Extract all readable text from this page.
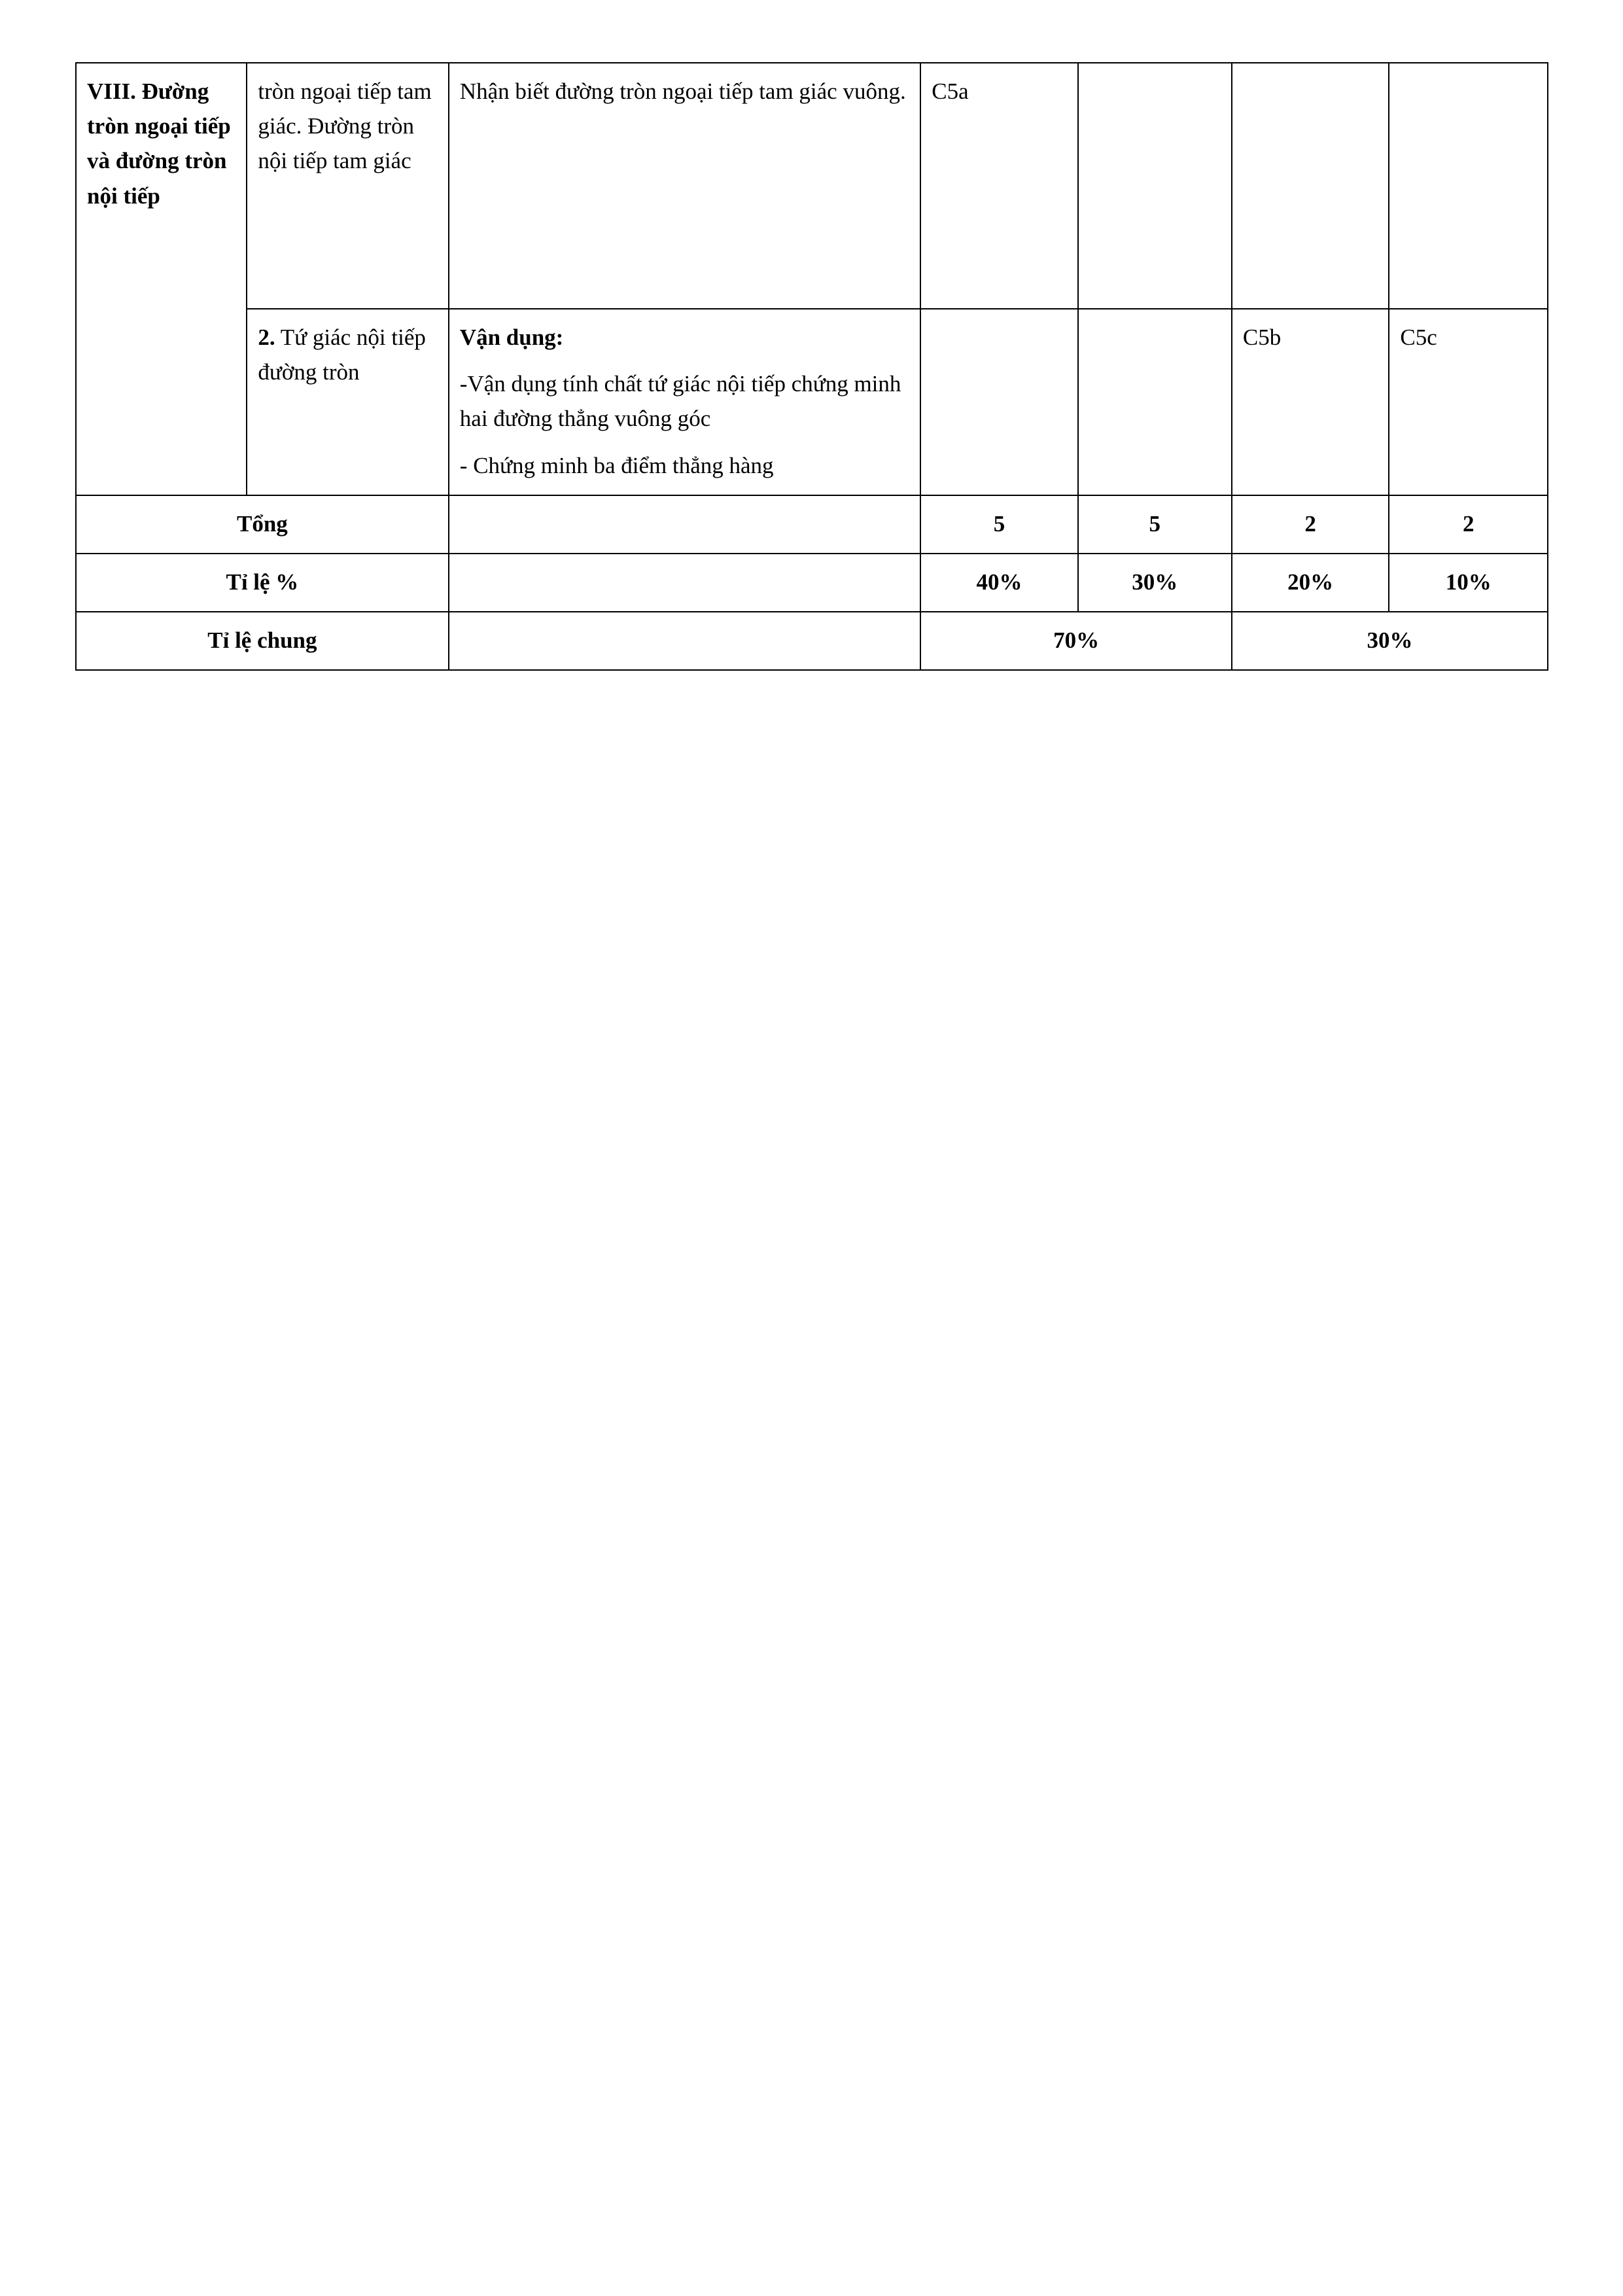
VIII. Đường tròn ngoại tiếp và đường tròn nội tiếp	tròn ngoại tiếp tam giác. Đường tròn nội tiếp tam giác	Nhận biết đường tròn ngoại tiếp tam giác vuông.	C5a			
	2. Tứ giác nội tiếp đường tròn	Vận dụng:

-Vận dụng tính chất tứ giác nội tiếp chứng minh hai đường thẳng vuông góc

- Chứng minh ba điểm thẳng hàng			C5b	C5c
Tổng			5	5	2	2
Tỉ lệ %			40%	30%	20%	10%
Tỉ lệ chung			70%		30%	
